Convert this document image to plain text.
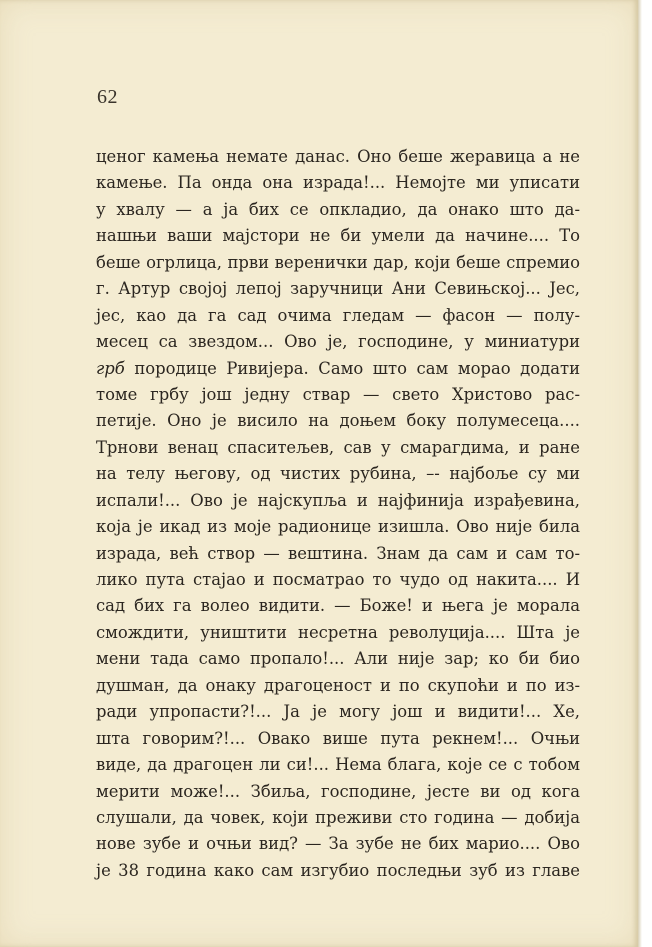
62
ценог камења немате данас. Оно беше жеравица а не
камење. Па онда она израда!... Немојте ми уписати
у хвалу — а ја бих се опкладио, да онако што да-
нашњи ваши мајстори не би умели да начине.... То
беше огрлица, први веренички дар, који беше спремио
г. Артур својој лепој заручници Ани Севињској... Јес,
јес, као да га сад очима гледам — фасон — полу-
месец са звездом... Ово је, господине, у миниатури
грб породице Ривијера. Само што сам морао додати
томе грбу још једну ствар — свето Христово рас-
петије. Оно је висило на доњем боку полумесеца....
Трнови венац спаситељев, сав у смарагдима, и ране
на телу његову, од чистих рубина, –- најбоље су ми
испали!... Ово је најскупља и најфинија израђевина,
која је икад из моје радионице изишла. Ово није била
израда, већ створ — вештина. Знам да сам и сам то-
лико пута стајао и посматрао то чудо од накита.... И
сад бих га волео видити. — Боже! и њега је морала
смождити, уништити несретна револуција.... Шта је
мени тада само пропало!... Али није зар; ко би био
душман, да онаку драгоценост и по скупоћи и по из-
ради упропасти?!... Ја је могу још и видити!... Хе,
шта говорим?!... Овако више пута рекнем!... Очњи
виде, да драгоцен ли си!... Нема блага, које се с тобом
мерити може!... Збиља, господине, јесте ви од кога
слушали, да човек, који преживи сто година — добија
нове зубе и очњи вид? — За зубе не бих марио.... Ово
је 38 година како сам изгубио последњи зуб из главе
